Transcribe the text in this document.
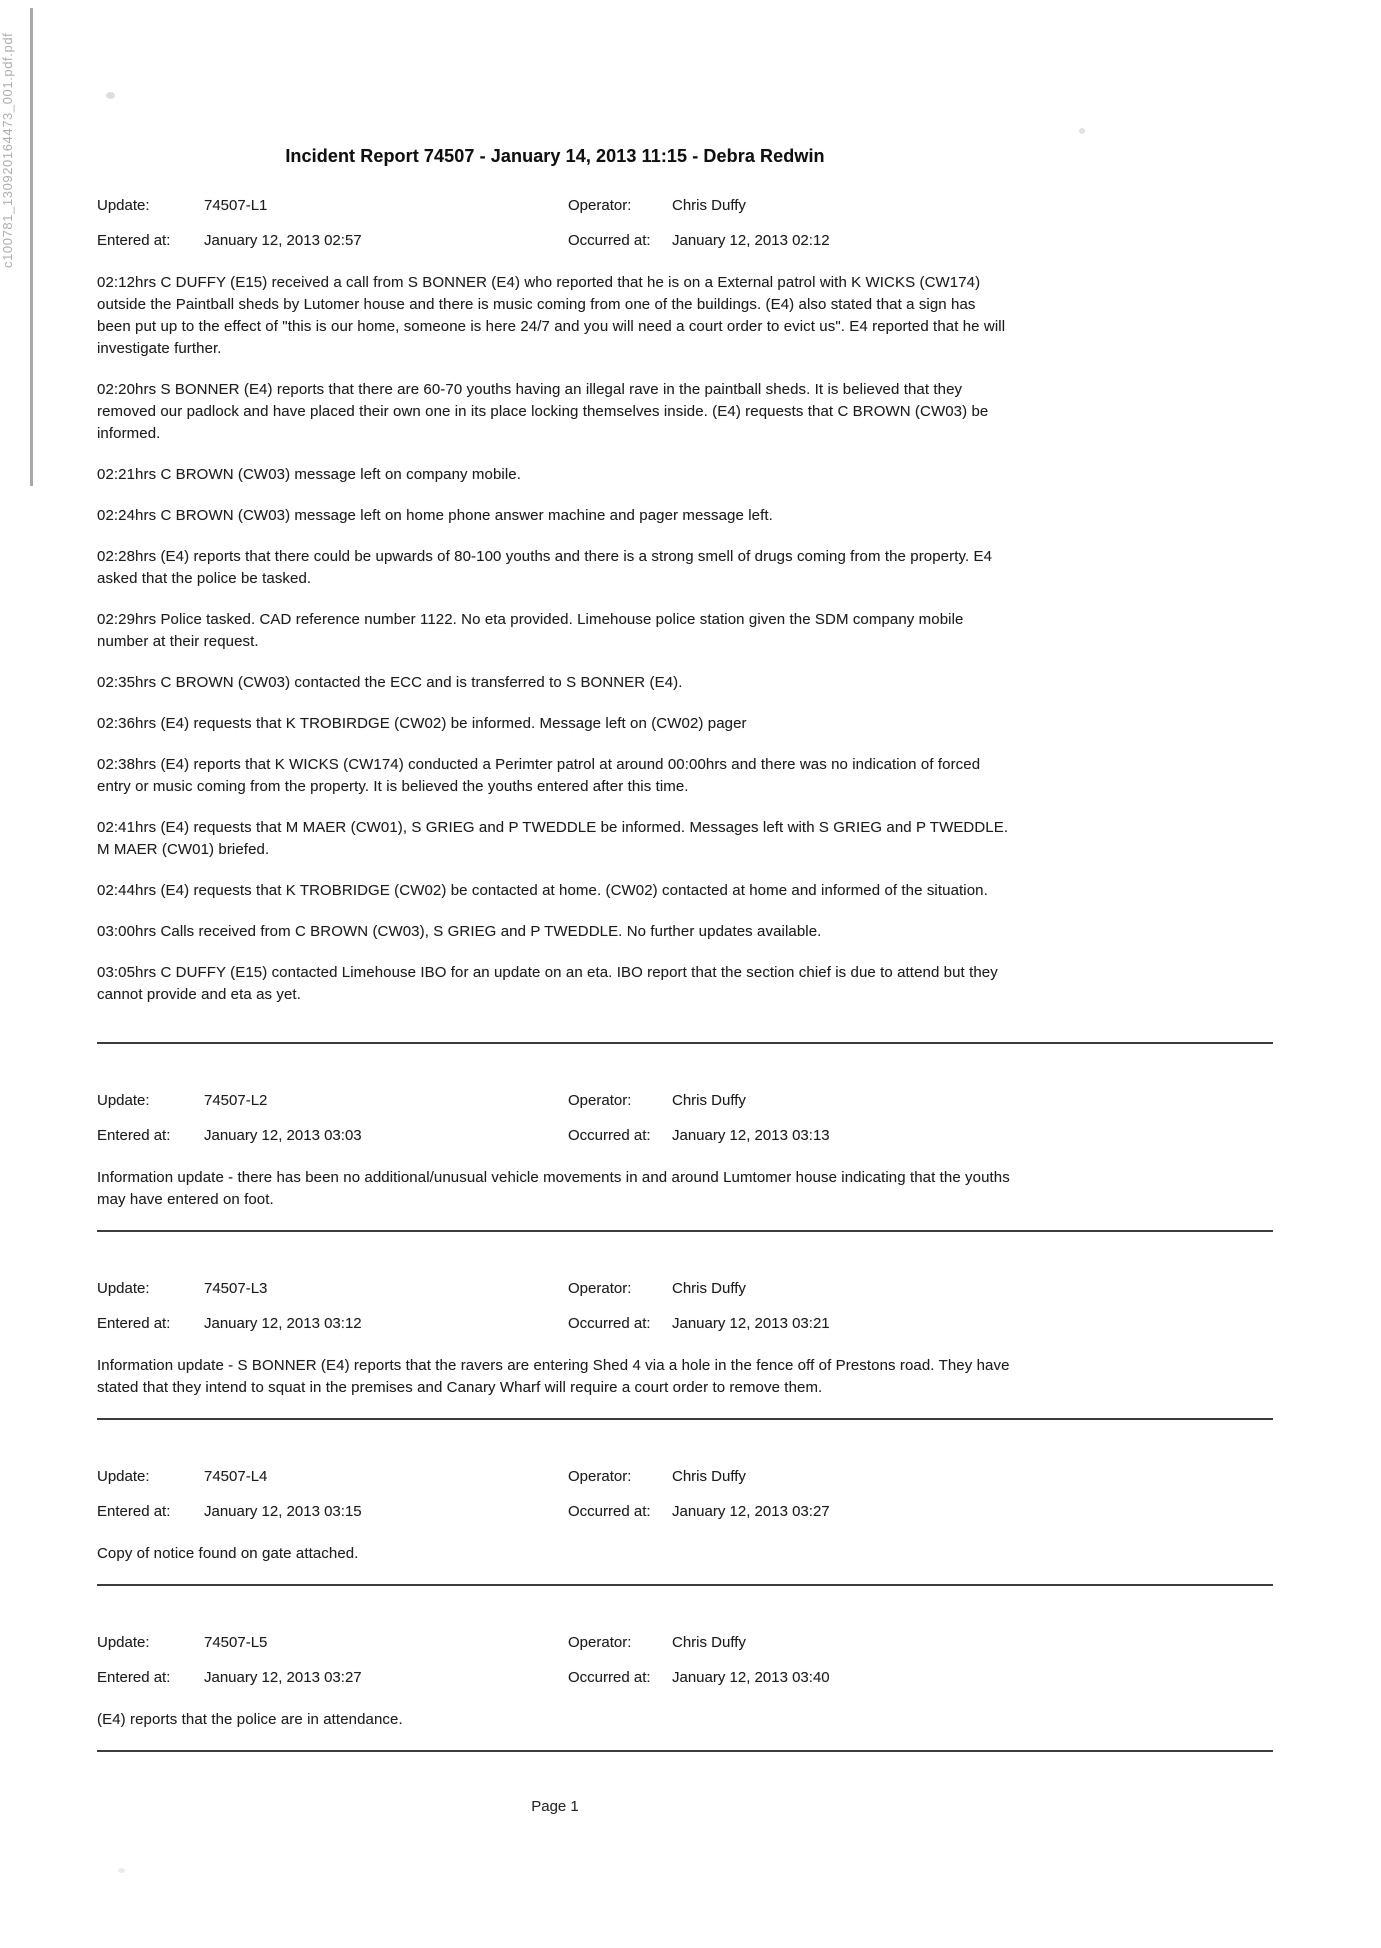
c100781_130920164473_001.pdf.pdf	Incident Report 74507 - January 14, 2013 11:15 - Debra Redwin
Update:	74507-L1	Operator:	Chris Duffy
Entered at:	January 12, 2013 02:57	Occurred at:	January 12, 2013 02:12

02:12hrs C DUFFY (E15) received a call from S BONNER (E4) who reported that he is on a External patrol with K WICKS (CW174) outside the Paintball sheds by Lutomer house and there is music coming from one of the buildings. (E4) also stated that a sign has been put up to the effect of "this is our home, someone is here 24/7 and you will need a court order to evict us". E4 reported that he will investigate further.

02:20hrs S BONNER (E4) reports that there are 60-70 youths having an illegal rave in the paintball sheds. It is believed that they removed our padlock and have placed their own one in its place locking themselves inside. (E4) requests that C BROWN (CW03) be informed.

02:21hrs C BROWN (CW03) message left on company mobile.

02:24hrs C BROWN (CW03) message left on home phone answer machine and pager message left.

02:28hrs (E4) reports that there could be upwards of 80-100 youths and there is a strong smell of drugs coming from the property. E4 asked that the police be tasked.

02:29hrs Police tasked. CAD reference number 1122. No eta provided. Limehouse police station given the SDM company mobile number at their request.

02:35hrs C BROWN (CW03) contacted the ECC and is transferred to S BONNER (E4).

02:36hrs (E4) requests that K TROBIRDGE (CW02) be informed. Message left on (CW02) pager

02:38hrs (E4) reports that K WICKS (CW174) conducted a Perimter patrol at around 00:00hrs and there was no indication of forced entry or music coming from the property. It is believed the youths entered after this time.

02:41hrs (E4) requests that M MAER (CW01), S GRIEG and P TWEDDLE be informed. Messages left with S GRIEG and P TWEDDLE. M MAER (CW01) briefed.

02:44hrs (E4) requests that K TROBRIDGE (CW02) be contacted at home. (CW02) contacted at home and informed of the situation.

03:00hrs Calls received from C BROWN (CW03), S GRIEG and P TWEDDLE. No further updates available.

03:05hrs C DUFFY (E15) contacted Limehouse IBO for an update on an eta. IBO report that the section chief is due to attend but they cannot provide and eta as yet.

Update:	74507-L2	Operator:	Chris Duffy
Entered at:	January 12, 2013 03:03	Occurred at:	January 12, 2013 03:13

Information update - there has been no additional/unusual vehicle movements in and around Lumtomer house indicating that the youths may have entered on foot.

Update:	74507-L3	Operator:	Chris Duffy
Entered at:	January 12, 2013 03:12	Occurred at:	January 12, 2013 03:21

Information update - S BONNER (E4) reports that the ravers are entering Shed 4 via a hole in the fence off of Prestons road. They have stated that they intend to squat in the premises and Canary Wharf will require a court order to remove them.

Update:	74507-L4	Operator:	Chris Duffy
Entered at:	January 12, 2013 03:15	Occurred at:	January 12, 2013 03:27

Copy of notice found on gate attached.

Update:	74507-L5	Operator:	Chris Duffy
Entered at:	January 12, 2013 03:27	Occurred at:	January 12, 2013 03:40

(E4) reports that the police are in attendance.

Page 1
